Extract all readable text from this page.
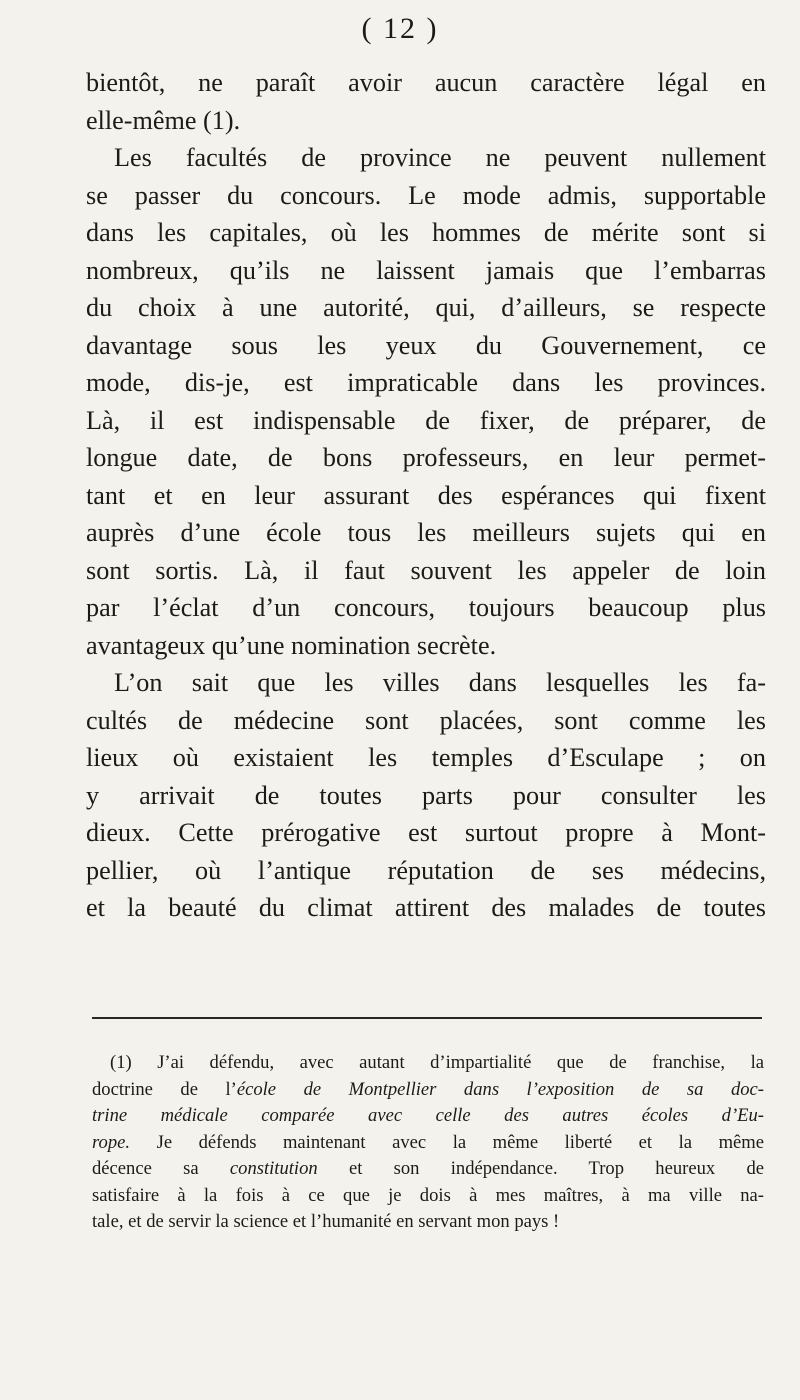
( 12 )
bientôt, ne paraît avoir aucun caractère légal en
elle-même (1).
Les facultés de province ne peuvent nullement
se passer du concours. Le mode admis, supportable
dans les capitales, où les hommes de mérite sont si
nombreux, qu’ils ne laissent jamais que l’embarras
du choix à une autorité, qui, d’ailleurs, se respecte
davantage sous les yeux du Gouvernement, ce
mode, dis-je, est impraticable dans les provinces.
Là, il est indispensable de fixer, de préparer, de
longue date, de bons professeurs, en leur permet-
tant et en leur assurant des espérances qui fixent
auprès d’une école tous les meilleurs sujets qui en
sont sortis. Là, il faut souvent les appeler de loin
par l’éclat d’un concours, toujours beaucoup plus
avantageux qu’une nomination secrète.
L’on sait que les villes dans lesquelles les fa-
cultés de médecine sont placées, sont comme les
lieux où existaient les temples d’Esculape ; on
y arrivait de toutes parts pour consulter les
dieux. Cette prérogative est surtout propre à Mont-
pellier, où l’antique réputation de ses médecins,
et la beauté du climat attirent des malades de toutes
(1) J’ai défendu, avec autant d’impartialité que de franchise, la
doctrine de l’école de Montpellier dans l’exposition de sa doc-
trine médicale comparée avec celle des autres écoles d’Eu-
rope. Je défends maintenant avec la même liberté et la même
décence sa constitution et son indépendance. Trop heureux de
satisfaire à la fois à ce que je dois à mes maîtres, à ma ville na-
tale, et de servir la science et l’humanité en servant mon pays !
